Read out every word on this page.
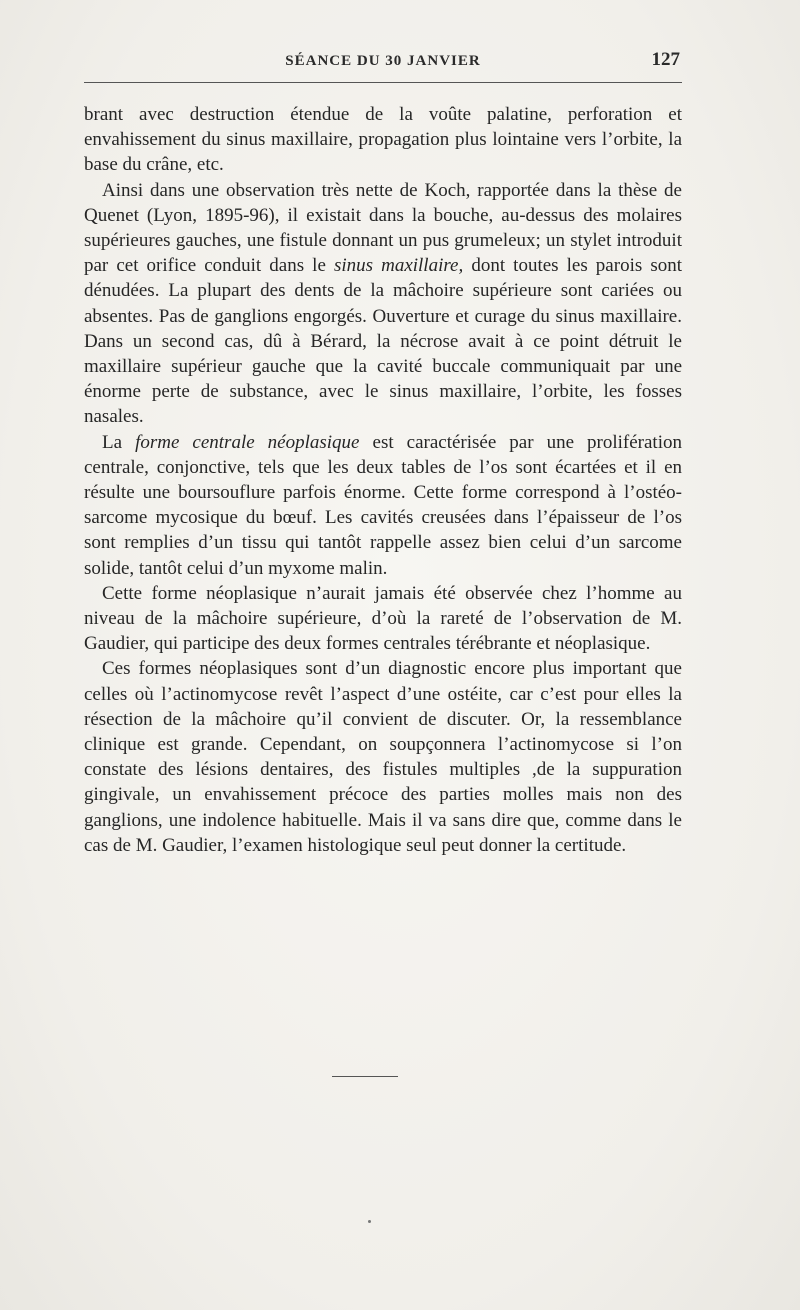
SÉANCE DU 30 JANVIER	127

brant avec destruction étendue de la voûte palatine, perforation et envahissement du sinus maxillaire, propagation plus lointaine vers l’orbite, la base du crâne, etc.

Ainsi dans une observation très nette de Koch, rapportée dans la thèse de Quenet (Lyon, 1895-96), il existait dans la bouche, au-dessus des molaires supérieures gauches, une fistule donnant un pus grumeleux; un stylet introduit par cet orifice conduit dans le sinus maxillaire, dont toutes les parois sont dénudées. La plupart des dents de la mâchoire supérieure sont cariées ou absentes. Pas de ganglions engorgés. Ouverture et curage du sinus maxillaire. Dans un second cas, dû à Bérard, la nécrose avait à ce point détruit le maxillaire supérieur gauche que la cavité buccale communiquait par une énorme perte de substance, avec le sinus maxillaire, l’orbite, les fosses nasales.

La forme centrale néoplasique est caractérisée par une prolifération centrale, conjonctive, tels que les deux tables de l’os sont écartées et il en résulte une boursouflure parfois énorme. Cette forme correspond à l’ostéo-sarcome mycosique du bœuf. Les cavités creusées dans l’épaisseur de l’os sont remplies d’un tissu qui tantôt rappelle assez bien celui d’un sarcome solide, tantôt celui d’un myxome malin.

Cette forme néoplasique n’aurait jamais été observée chez l’homme au niveau de la mâchoire supérieure, d’où la rareté de l’observation de M. Gaudier, qui participe des deux formes centrales térébrante et néoplasique.

Ces formes néoplasiques sont d’un diagnostic encore plus important que celles où l’actinomycose revêt l’aspect d’une ostéite, car c’est pour elles la résection de la mâchoire qu’il convient de discuter. Or, la ressemblance clinique est grande. Cependant, on soupçonnera l’actinomycose si l’on constate des lésions dentaires, des fistules multiples ,de la suppuration gingivale, un envahissement précoce des parties molles mais non des ganglions, une indolence habituelle. Mais il va sans dire que, comme dans le cas de M. Gaudier, l’examen histologique seul peut donner la certitude.
